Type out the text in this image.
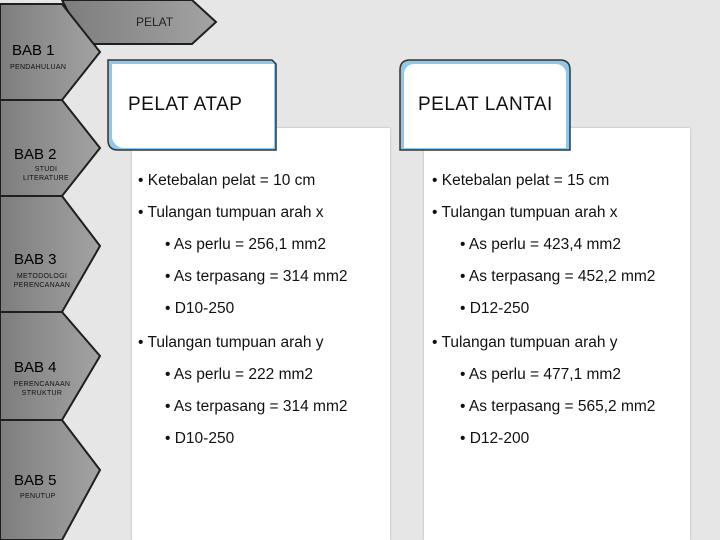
PELAT
BAB 1
PENDAHULUAN
BAB 2
STUDI LITERATURE
BAB 3
METODOLOGI PERENCANAAN
BAB 4
PERENCANAAN STRUKTUR
BAB 5
PENUTUP
PELAT ATAP	PELAT LANTAI
• Ketebalan pelat = 10 cm
• Tulangan tumpuan arah x
• As perlu = 256,1 mm2
• As terpasang = 314 mm2
• D10-250
• Tulangan tumpuan arah y
• As perlu = 222 mm2
• As terpasang = 314 mm2
• D10-250
• Ketebalan pelat = 15 cm
• Tulangan tumpuan arah x
• As perlu = 423,4 mm2
• As terpasang = 452,2 mm2
• D12-250
• Tulangan tumpuan arah y
• As perlu = 477,1 mm2
• As terpasang = 565,2 mm2
• D12-200
